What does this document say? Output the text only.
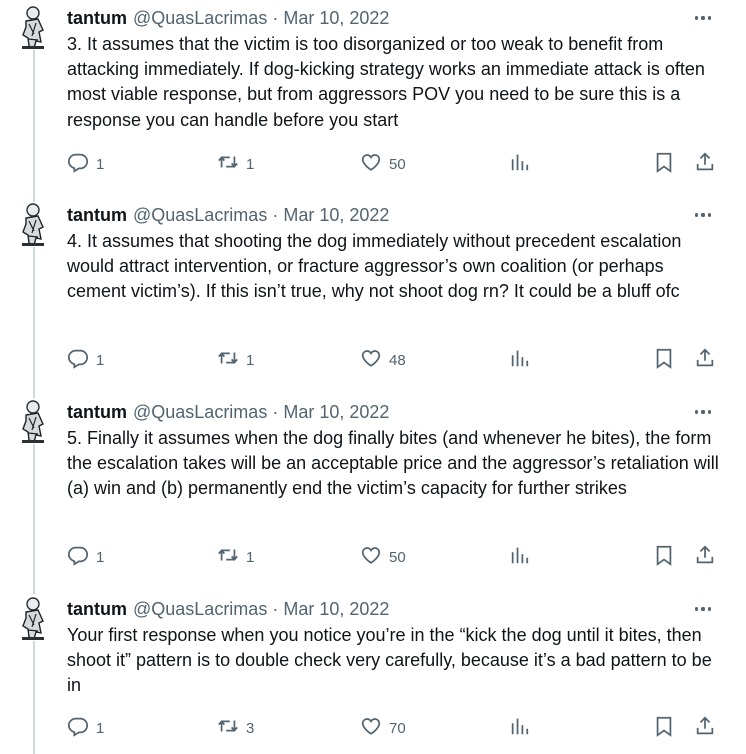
tantum @QuasLacrimas · Mar 10, 2022
3. It assumes that the victim is too disorganized or too weak to benefit from attacking immediately. If dog-kicking strategy works an immediate attack is often most viable response, but from aggressors POV you need to be sure this is a response you can handle before you start
1	1	50
tantum @QuasLacrimas · Mar 10, 2022
4. It assumes that shooting the dog immediately without precedent escalation would attract intervention, or fracture aggressor’s own coalition (or perhaps cement victim’s). If this isn’t true, why not shoot dog rn? It could be a bluff ofc
1	1	48
tantum @QuasLacrimas · Mar 10, 2022
5. Finally it assumes when the dog finally bites (and whenever he bites), the form the escalation takes will be an acceptable price and the aggressor’s retaliation will (a) win and (b) permanently end the victim’s capacity for further strikes
1	1	50
tantum @QuasLacrimas · Mar 10, 2022
Your first response when you notice you’re in the “kick the dog until it bites, then shoot it” pattern is to double check very carefully, because it’s a bad pattern to be in
1	3	70
